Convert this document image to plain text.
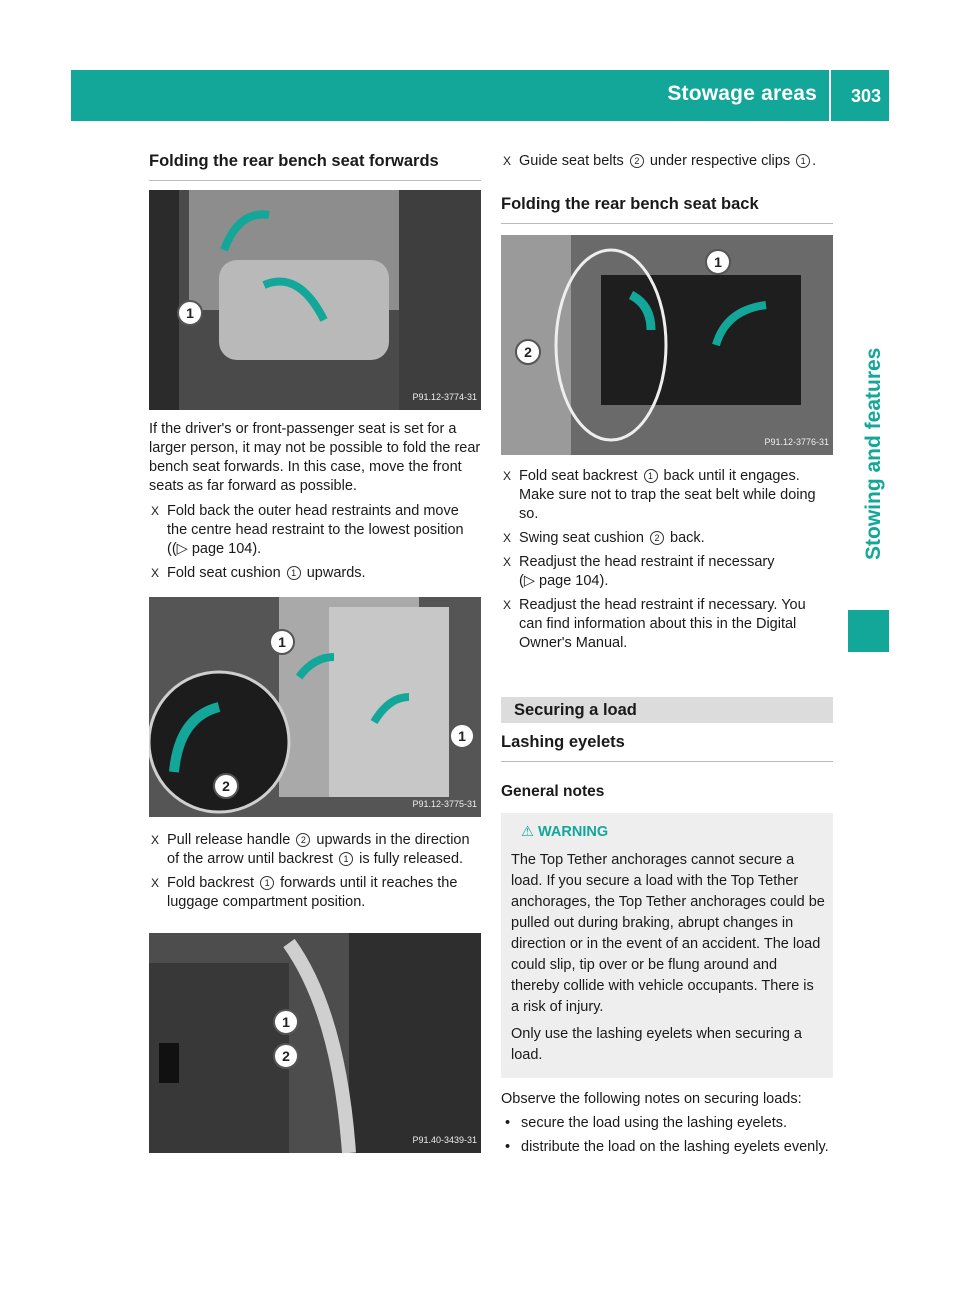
Stowage areas 303
Stowing and features
Folding the rear bench seat forwards
1
P91.12-3774-31

If the driver's or front-passenger seat is set for a larger person, it may not be possible to fold the rear bench seat forwards. In this case, move the front seats as far forward as possible.

X Fold back the outer head restraints and move the centre head restraint to the lowest position ((▷ page 104).
X Fold seat cushion 1 upwards.
1
1
2
P91.12-3775-31
X Pull release handle 2 upwards in the direction of the arrow until backrest 1 is fully released.
X Fold backrest 1 forwards until it reaches the luggage compartment position.
1
2
P91.40-3439-31
X Guide seat belts 2 under respective clips 1 .
Folding the rear bench seat back
1
2
P91.12-3776-31
X Fold seat backrest 1 back until it engages. Make sure not to trap the seat belt while doing so.
X Swing seat cushion 2 back.
X Readjust the head restraint if necessary
(▷ page 104).
X Readjust the head restraint if necessary. You can find information about this in the Digital Owner's Manual.
Securing a load
Lashing eyelets

General notes

⚠ WARNING

The Top Tether anchorages cannot secure a load. If you secure a load with the Top Tether anchorages, the Top Tether anchorages could be pulled out during braking, abrupt changes in direction or in the event of an accident. The load could slip, tip over or be flung around and thereby collide with vehicle occupants. There is a risk of injury.

Only use the lashing eyelets when securing a load.

Observe the following notes on securing loads:

• secure the load using the lashing eyelets.
• distribute the load on the lashing eyelets evenly.
